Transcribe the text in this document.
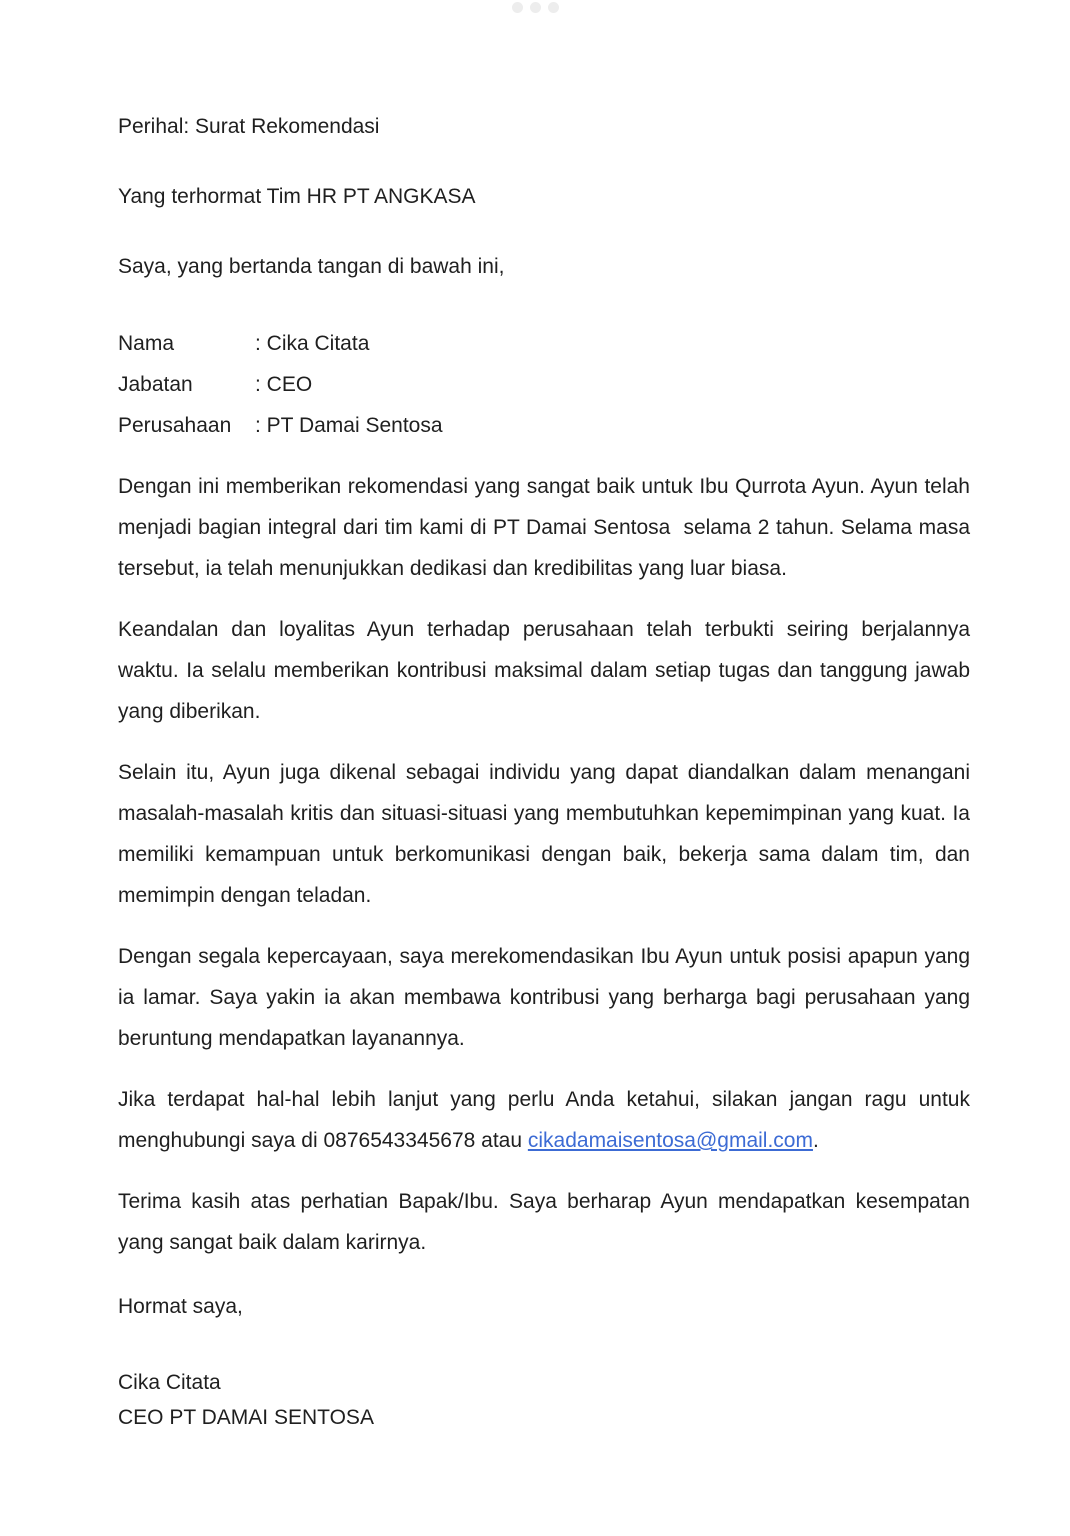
Perihal: Surat Rekomendasi
Yang terhormat Tim HR PT ANGKASA
Saya, yang bertanda tangan di bawah ini,
Nama	: Cika Citata
Jabatan	: CEO
Perusahaan	: PT Damai Sentosa

Dengan ini memberikan rekomendasi yang sangat baik untuk Ibu Qurrota Ayun. Ayun telah menjadi bagian integral dari tim kami di PT Damai Sentosa  selama 2 tahun. Selama masa tersebut, ia telah menunjukkan dedikasi dan kredibilitas yang luar biasa.

Keandalan dan loyalitas Ayun terhadap perusahaan telah terbukti seiring berjalannya waktu. Ia selalu memberikan kontribusi maksimal dalam setiap tugas dan tanggung jawab yang diberikan.

Selain itu, Ayun juga dikenal sebagai individu yang dapat diandalkan dalam menangani masalah-masalah kritis dan situasi-situasi yang membutuhkan kepemimpinan yang kuat. Ia memiliki kemampuan untuk berkomunikasi dengan baik, bekerja sama dalam tim, dan memimpin dengan teladan.

Dengan segala kepercayaan, saya merekomendasikan Ibu Ayun untuk posisi apapun yang ia lamar. Saya yakin ia akan membawa kontribusi yang berharga bagi perusahaan yang beruntung mendapatkan layanannya.

Jika terdapat hal-hal lebih lanjut yang perlu Anda ketahui, silakan jangan ragu untuk menghubungi saya di 0876543345678 atau cikadamaisentosa@gmail.com.

Terima kasih atas perhatian Bapak/Ibu. Saya berharap Ayun mendapatkan kesempatan yang sangat baik dalam karirnya.

Hormat saya,
Cika Citata
CEO PT DAMAI SENTOSA
